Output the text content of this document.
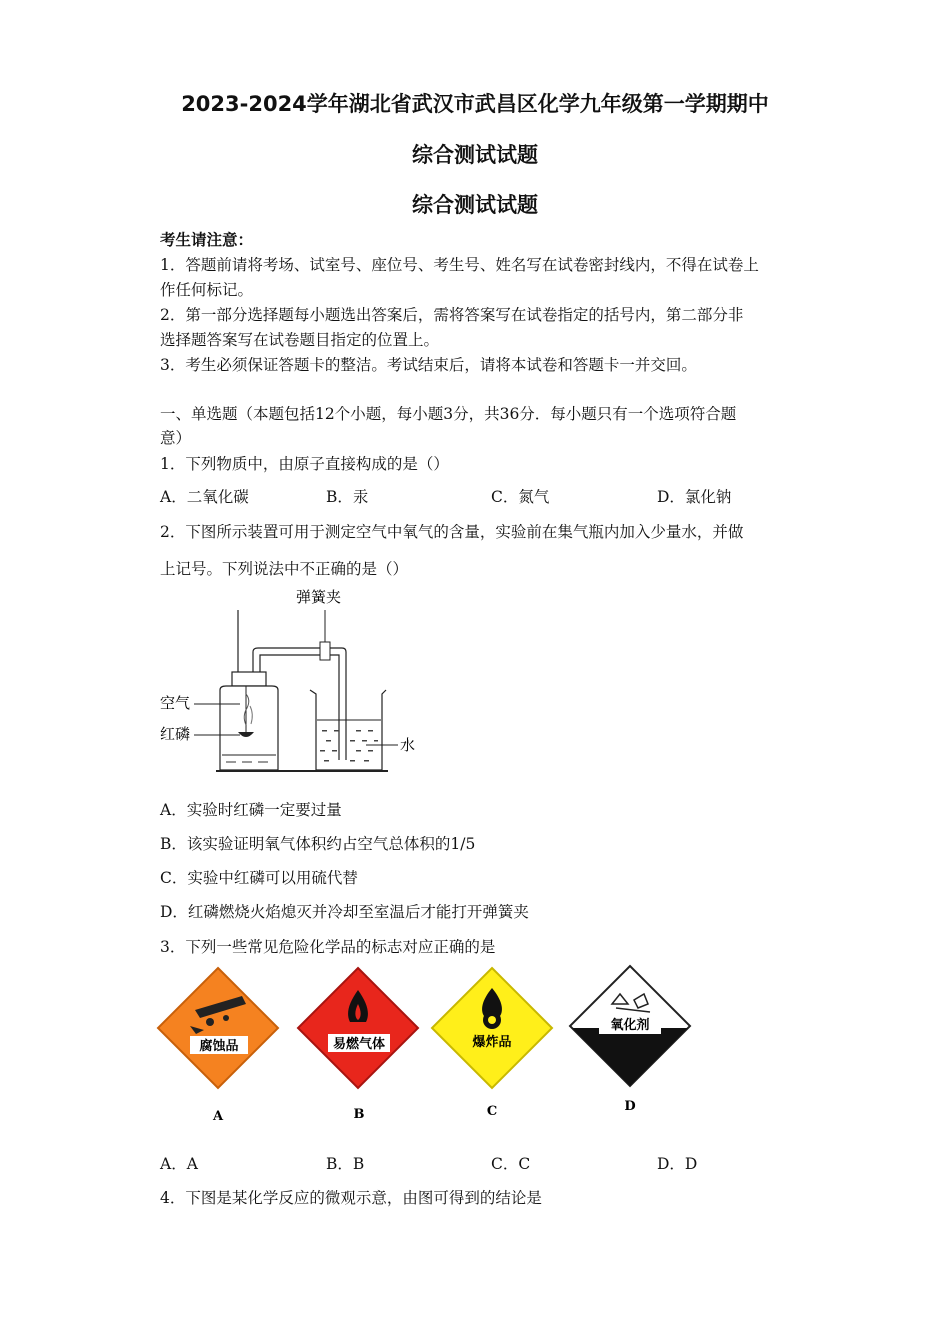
2023-2024学年湖北省武汉市武昌区化学九年级第一学期期中
综合测试试题
综合测试试题
考生请注意：
1．答题前请将考场、试室号、座位号、考生号、姓名写在试卷密封线内，不得在试卷上
作任何标记。
2．第一部分选择题每小题选出答案后，需将答案写在试卷指定的括号内，第二部分非
选择题答案写在试卷题目指定的位置上。
3．考生必须保证答题卡的整洁。考试结束后，请将本试卷和答题卡一并交回。
一、单选题（本题包括12个小题，每小题3分，共36分．每小题只有一个选项符合题
意）
1．下列物质中，由原子直接构成的是（）
A．二氧化碳	B．汞	C．氮气	D．氯化钠
2．下图所示装置可用于测定空气中氧气的含量，实验前在集气瓶内加入少量水，并做
上记号。下列说法中不正确的是（）
弹簧夹
空气
红磷
水
A．实验时红磷一定要过量
B．该实验证明氧气体积约占空气总体积的1/5
C．实验中红磷可以用硫代替
D．红磷燃烧火焰熄灭并冷却至室温后才能打开弹簧夹
3．下列一些常见危险化学品的标志对应正确的是
腐蚀品
A
易燃气体
B
爆炸品
C
氧化剂
D
A．A	B．B	C．C	D．D
4．下图是某化学反应的微观示意，由图可得到的结论是
